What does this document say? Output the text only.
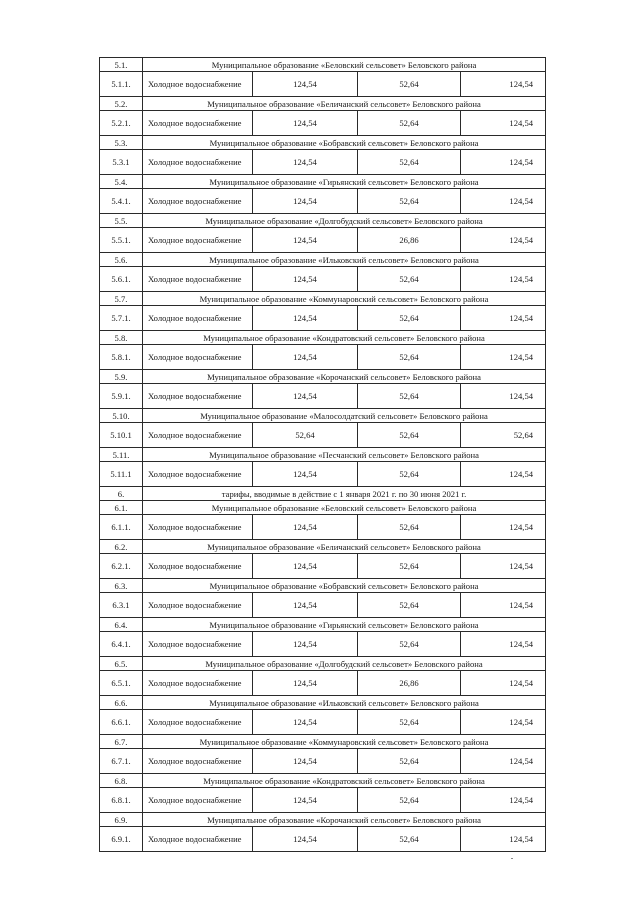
5.1.	Муниципальное образование «Беловский сельсовет» Беловского района			
5.1.1.	Холодное водоснабжение	124,54	52,64	124,54
5.2.	Муниципальное образование «Беличанский сельсовет» Беловского района			
5.2.1.	Холодное водоснабжение	124,54	52,64	124,54
5.3.	Муниципальное образование «Бобравский сельсовет» Беловского района			
5.3.1	Холодное водоснабжение	124,54	52,64	124,54
5.4.	Муниципальное образование «Гирьянский сельсовет» Беловского района			
5.4.1.	Холодное водоснабжение	124,54	52,64	124,54
5.5.	Муниципальное образование «Долгобудский сельсовет» Беловского района			
5.5.1.	Холодное водоснабжение	124,54	26,86	124,54
5.6.	Муниципальное образование «Ильковский сельсовет» Беловского района			
5.6.1.	Холодное водоснабжение	124,54	52,64	124,54
5.7.	Муниципальное образование «Коммунаровский сельсовет» Беловского района			
5.7.1.	Холодное водоснабжение	124,54	52,64	124,54
5.8.	Муниципальное образование «Кондратовский сельсовет» Беловского района			
5.8.1.	Холодное водоснабжение	124,54	52,64	124,54
5.9.	Муниципальное образование «Корочанский сельсовет» Беловского района			
5.9.1.	Холодное водоснабжение	124,54	52,64	124,54
5.10.	Муниципальное образование «Малосолдатский сельсовет» Беловского района			
5.10.1	Холодное водоснабжение	52,64	52,64	52,64
5.11.	Муниципальное образование «Песчанский сельсовет» Беловского района			
5.11.1	Холодное водоснабжение	124,54	52,64	124,54
6.	тарифы, вводимые в действие с 1 января 2021 г. по 30 июня 2021 г.			
6.1.	Муниципальное образование «Беловский сельсовет» Беловского района			
6.1.1.	Холодное водоснабжение	124,54	52,64	124,54
6.2.	Муниципальное образование «Беличанский сельсовет» Беловского района			
6.2.1.	Холодное водоснабжение	124,54	52,64	124,54
6.3.	Муниципальное образование «Бобравский сельсовет» Беловского района			
6.3.1	Холодное водоснабжение	124,54	52,64	124,54
6.4.	Муниципальное образование «Гирьянский сельсовет» Беловского района			
6.4.1.	Холодное водоснабжение	124,54	52,64	124,54
6.5.	Муниципальное образование «Долгобудский сельсовет» Беловского района			
6.5.1.	Холодное водоснабжение	124,54	26,86	124,54
6.6.	Муниципальное образование «Ильковский сельсовет» Беловского района			
6.6.1.	Холодное водоснабжение	124,54	52,64	124,54
6.7.	Муниципальное образование «Коммунаровский сельсовет» Беловского района			
6.7.1.	Холодное водоснабжение	124,54	52,64	124,54
6.8.	Муниципальное образование «Кондратовский сельсовет» Беловского района			
6.8.1.	Холодное водоснабжение	124,54	52,64	124,54
6.9.	Муниципальное образование «Корочанский сельсовет» Беловского района			
6.9.1.	Холодное водоснабжение	124,54	52,64	124,54
